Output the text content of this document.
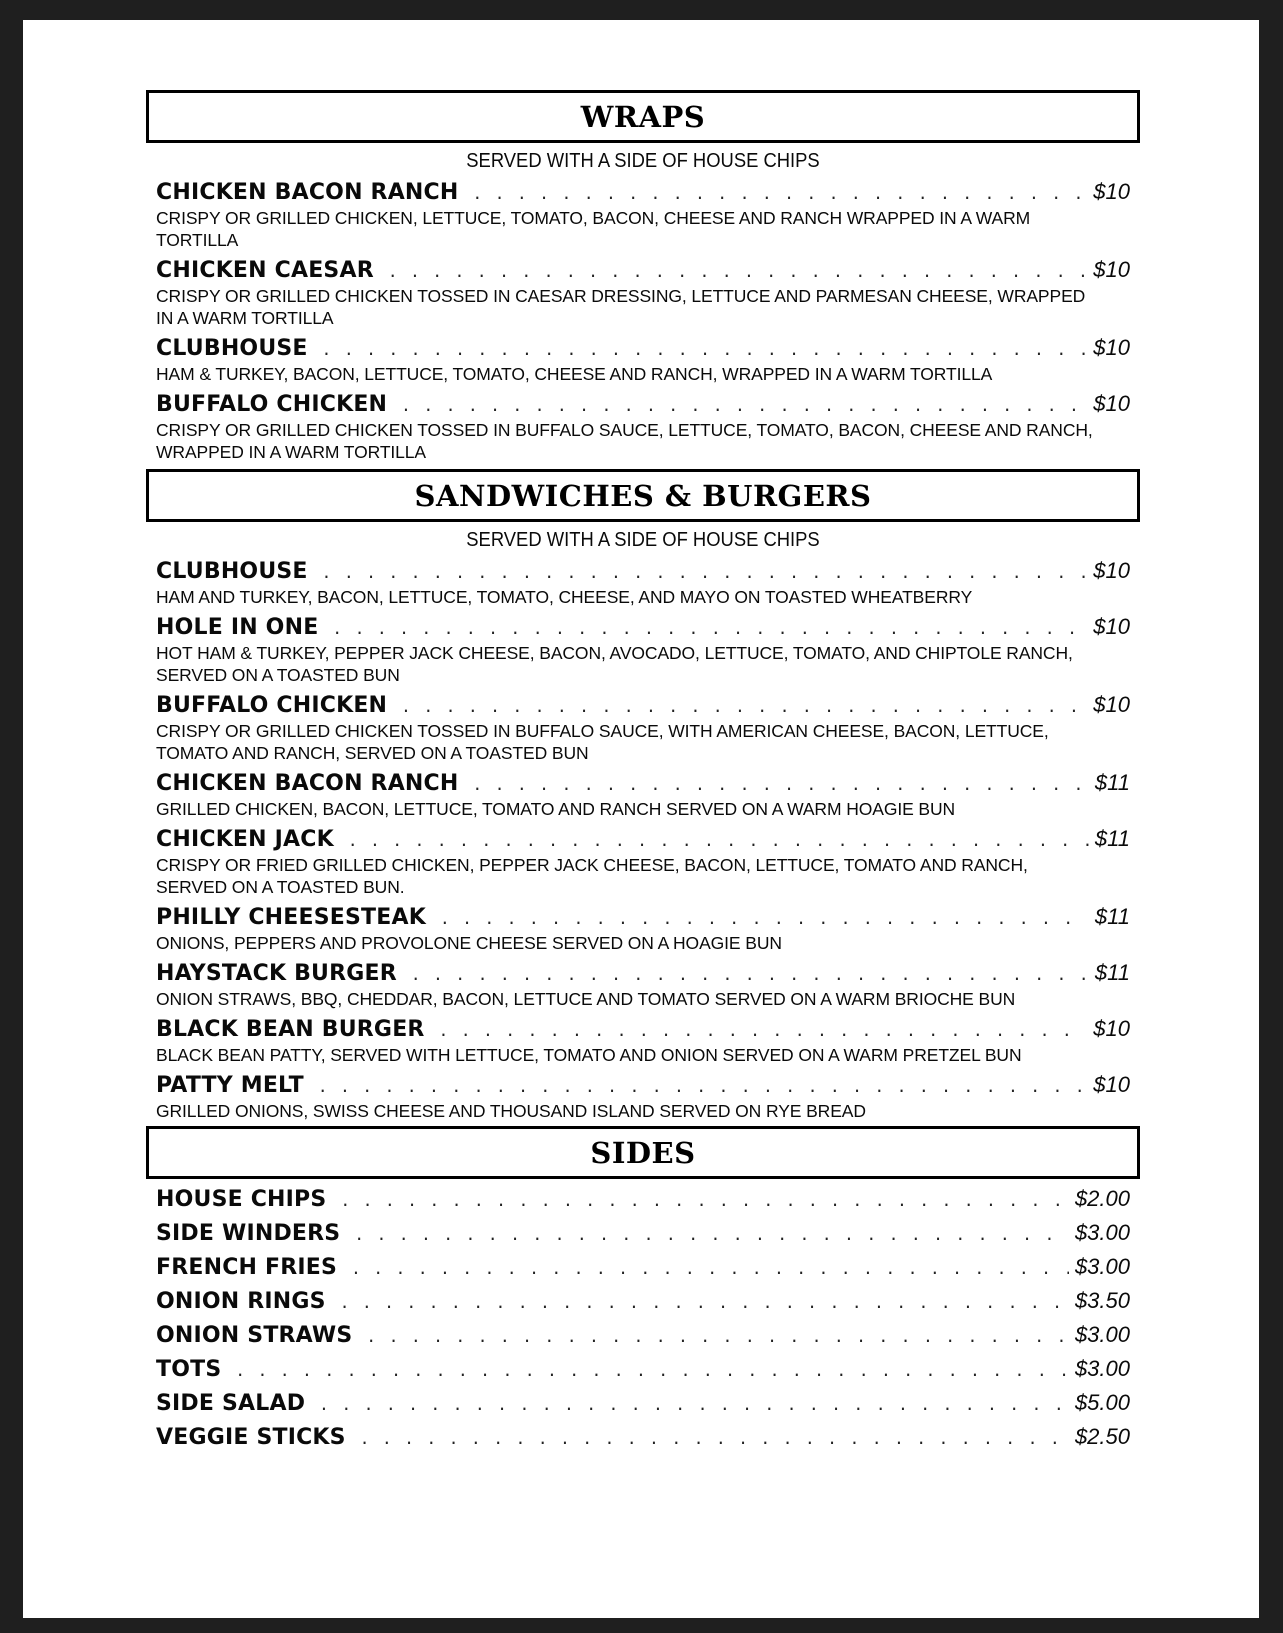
WRAPS
SERVED WITH A SIDE OF HOUSE CHIPS
CHICKEN BACON RANCH . . .	$10
CRISPY OR GRILLED CHICKEN, LETTUCE, TOMATO, BACON, CHEESE AND RANCH WRAPPED IN A WARM TORTILLA
CHICKEN CAESAR . . .	$10
CRISPY OR GRILLED CHICKEN TOSSED IN CAESAR DRESSING, LETTUCE AND PARMESAN CHEESE, WRAPPED IN A WARM TORTILLA
CLUBHOUSE . . .	$10
HAM & TURKEY, BACON, LETTUCE, TOMATO, CHEESE AND RANCH, WRAPPED IN A WARM TORTILLA
BUFFALO CHICKEN . . .	$10
CRISPY OR GRILLED CHICKEN TOSSED IN BUFFALO SAUCE, LETTUCE, TOMATO, BACON, CHEESE AND RANCH, WRAPPED IN A WARM TORTILLA
SANDWICHES & BURGERS
SERVED WITH A SIDE OF HOUSE CHIPS
CLUBHOUSE . . .	$10
HAM AND TURKEY, BACON, LETTUCE, TOMATO, CHEESE, AND MAYO ON TOASTED WHEATBERRY
HOLE IN ONE . . .	$10
HOT HAM & TURKEY, PEPPER JACK CHEESE, BACON, AVOCADO, LETTUCE, TOMATO, AND CHIPTOLE RANCH, SERVED ON A TOASTED BUN
BUFFALO CHICKEN . . .	$10
CRISPY OR GRILLED CHICKEN TOSSED IN BUFFALO SAUCE, WITH AMERICAN CHEESE, BACON, LETTUCE, TOMATO AND RANCH, SERVED ON A TOASTED BUN
CHICKEN BACON RANCH . . .	$11
GRILLED CHICKEN, BACON, LETTUCE, TOMATO AND RANCH SERVED ON A WARM HOAGIE BUN
CHICKEN JACK . . .	$11
CRISPY OR FRIED GRILLED CHICKEN, PEPPER JACK CHEESE, BACON, LETTUCE, TOMATO AND RANCH, SERVED ON A TOASTED BUN.
PHILLY CHEESESTEAK . . .	$11
ONIONS, PEPPERS AND PROVOLONE CHEESE SERVED ON A HOAGIE BUN
HAYSTACK BURGER . . .	$11
ONION STRAWS, BBQ, CHEDDAR, BACON, LETTUCE AND TOMATO SERVED ON A WARM BRIOCHE BUN
BLACK BEAN BURGER . . .	$10
BLACK BEAN PATTY, SERVED WITH LETTUCE, TOMATO AND ONION SERVED ON A WARM PRETZEL BUN
PATTY MELT . . .	$10
GRILLED ONIONS, SWISS CHEESE AND THOUSAND ISLAND SERVED ON RYE BREAD
SIDES
HOUSE CHIPS . . .	$2.00
SIDE WINDERS . . .	$3.00
FRENCH FRIES . . .	$3.00
ONION RINGS . . .	$3.50
ONION STRAWS . . .	$3.00
TOTS . . .	$3.00
SIDE SALAD . . .	$5.00
VEGGIE STICKS . . .	$2.50
